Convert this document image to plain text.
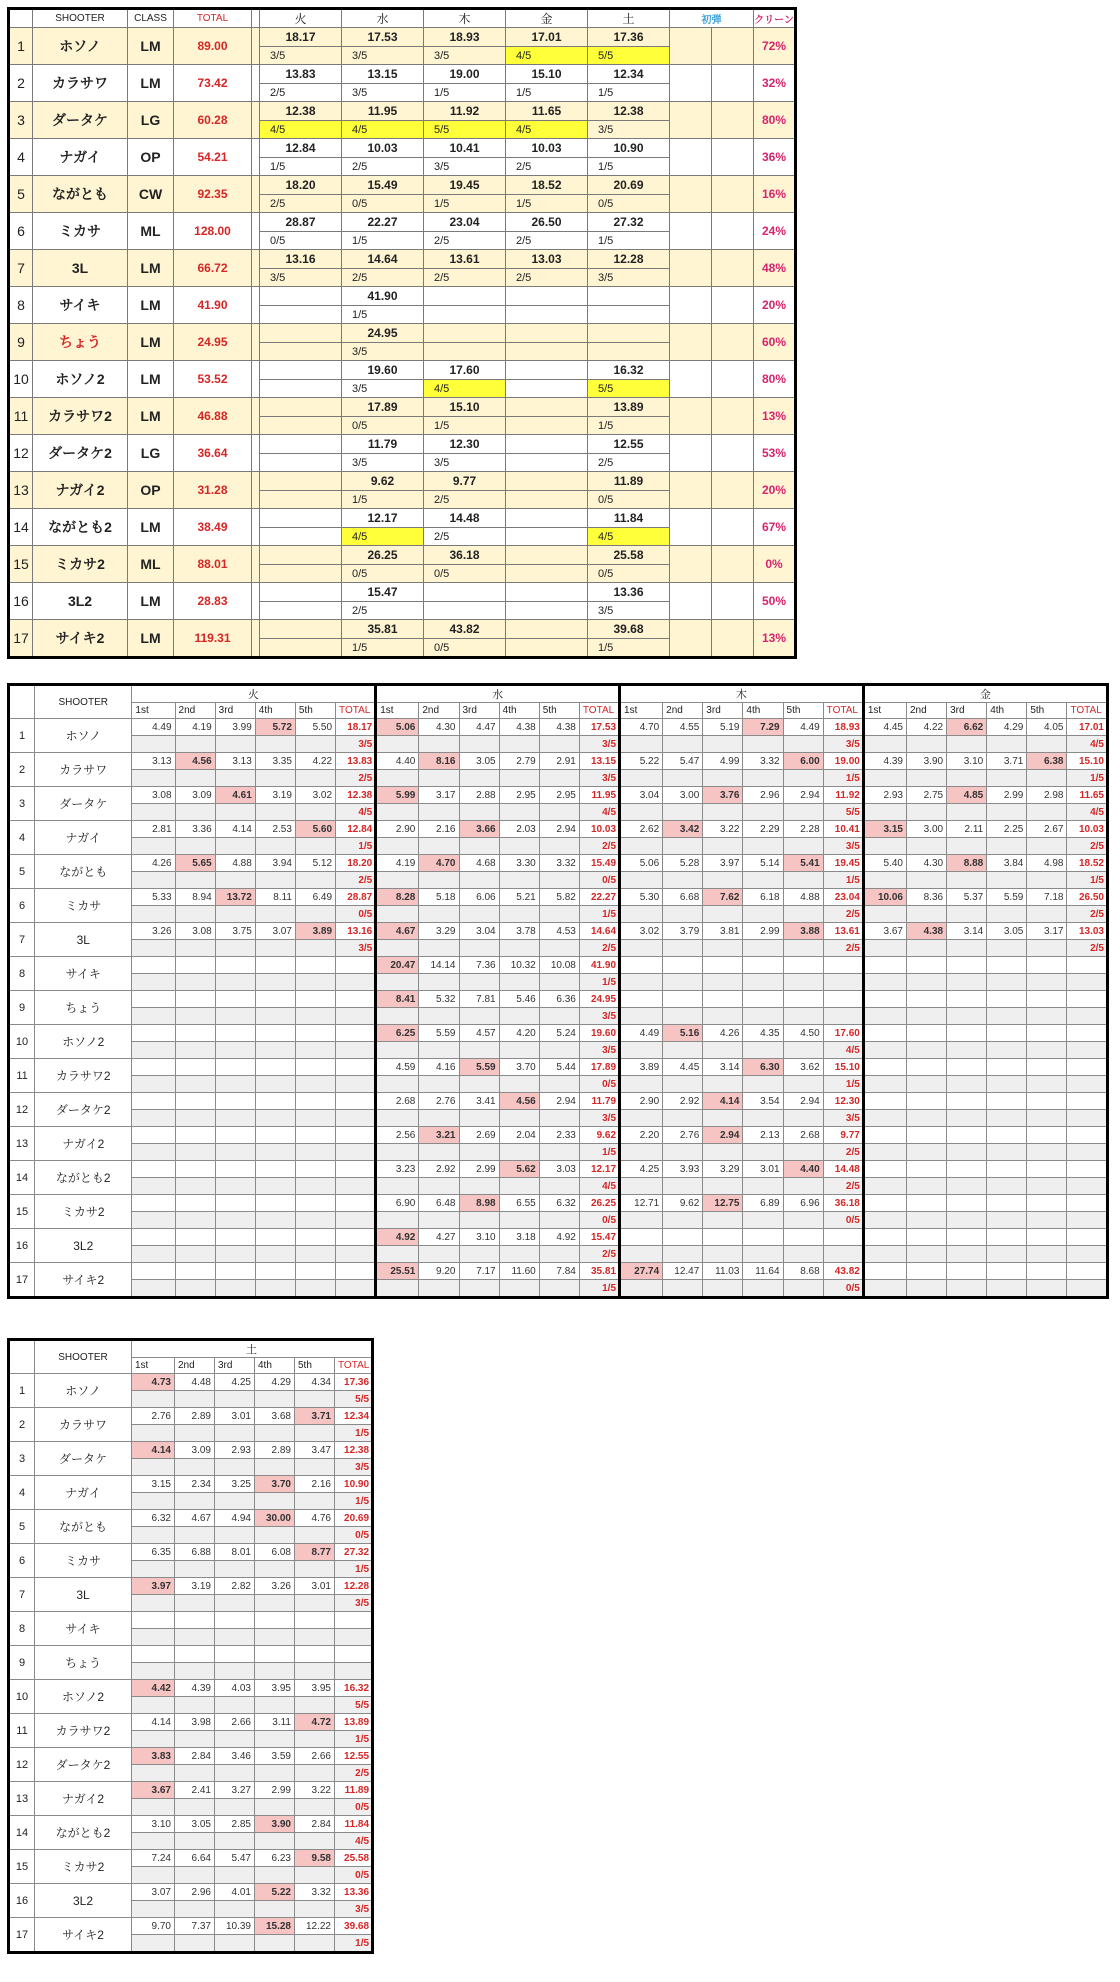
	SHOOTER	CLASS	TOTAL		火	水	木	金	土	初弾		クリーン
1	ホソノ	LM	89.00		18.17	17.53	18.93	17.01	17.36			72%
					3/5	3/5	3/5	4/5	5/5			
2	カラサワ	LM	73.42		13.83	13.15	19.00	15.10	12.34			32%
					2/5	3/5	1/5	1/5	1/5			
3	ダータケ	LG	60.28		12.38	11.95	11.92	11.65	12.38			80%
					4/5	4/5	5/5	4/5	3/5			
4	ナガイ	OP	54.21		12.84	10.03	10.41	10.03	10.90			36%
					1/5	2/5	3/5	2/5	1/5			
5	ながとも	CW	92.35		18.20	15.49	19.45	18.52	20.69			16%
					2/5	0/5	1/5	1/5	0/5			
6	ミカサ	ML	128.00		28.87	22.27	23.04	26.50	27.32			24%
					0/5	1/5	2/5	2/5	1/5			
7	3L	LM	66.72		13.16	14.64	13.61	13.03	12.28			48%
					3/5	2/5	2/5	2/5	3/5			
8	サイキ	LM	41.90			41.90						20%
						1/5						
9	ちょう	LM	24.95			24.95						60%
						3/5						
10	ホソノ2	LM	53.52			19.60	17.60		16.32			80%
						3/5	4/5		5/5			
11	カラサワ2	LM	46.88			17.89	15.10		13.89			13%
						0/5	1/5		1/5			
12	ダータケ2	LG	36.64			11.79	12.30		12.55			53%
						3/5	3/5		2/5			
13	ナガイ2	OP	31.28			9.62	9.77		11.89			20%
						1/5	2/5		0/5			
14	ながとも2	LM	38.49			12.17	14.48		11.84			67%
						4/5	2/5		4/5			
15	ミカサ2	ML	88.01			26.25	36.18		25.58			0%
						0/5	0/5		0/5			
16	3L2	LM	28.83			15.47			13.36			50%
						2/5			3/5			
17	サイキ2	LM	119.31			35.81	43.82		39.68			13%
						1/5	0/5		1/5			
	SHOOTER	火						水						木						金					
		1st	2nd	3rd	4th	5th	TOTAL	1st	2nd	3rd	4th	5th	TOTAL	1st	2nd	3rd	4th	5th	TOTAL	1st	2nd	3rd	4th	5th	TOTAL
1	ホソノ	4.49	4.19	3.99	5.72	5.50	18.17	5.06	4.30	4.47	4.38	4.38	17.53	4.70	4.55	5.19	7.29	4.49	18.93	4.45	4.22	6.62	4.29	4.05	17.01
							3/5						3/5						3/5						4/5
2	カラサワ	3.13	4.56	3.13	3.35	4.22	13.83	4.40	8.16	3.05	2.79	2.91	13.15	5.22	5.47	4.99	3.32	6.00	19.00	4.39	3.90	3.10	3.71	6.38	15.10
							2/5						3/5						1/5						1/5
3	ダータケ	3.08	3.09	4.61	3.19	3.02	12.38	5.99	3.17	2.88	2.95	2.95	11.95	3.04	3.00	3.76	2.96	2.94	11.92	2.93	2.75	4.85	2.99	2.98	11.65
							4/5						4/5						5/5						4/5
4	ナガイ	2.81	3.36	4.14	2.53	5.60	12.84	2.90	2.16	3.66	2.03	2.94	10.03	2.62	3.42	3.22	2.29	2.28	10.41	3.15	3.00	2.11	2.25	2.67	10.03
							1/5						2/5						3/5						2/5
5	ながとも	4.26	5.65	4.88	3.94	5.12	18.20	4.19	4.70	4.68	3.30	3.32	15.49	5.06	5.28	3.97	5.14	5.41	19.45	5.40	4.30	8.88	3.84	4.98	18.52
							2/5						0/5						1/5						1/5
6	ミカサ	5.33	8.94	13.72	8.11	6.49	28.87	8.28	5.18	6.06	5.21	5.82	22.27	5.30	6.68	7.62	6.18	4.88	23.04	10.06	8.36	5.37	5.59	7.18	26.50
							0/5						1/5						2/5						2/5
7	3L	3.26	3.08	3.75	3.07	3.89	13.16	4.67	3.29	3.04	3.78	4.53	14.64	3.02	3.79	3.81	2.99	3.88	13.61	3.67	4.38	3.14	3.05	3.17	13.03
							3/5						2/5						2/5						2/5
8	サイキ							20.47	14.14	7.36	10.32	10.08	41.90												
													1/5												
9	ちょう							8.41	5.32	7.81	5.46	6.36	24.95												
													3/5												
10	ホソノ2							6.25	5.59	4.57	4.20	5.24	19.60	4.49	5.16	4.26	4.35	4.50	17.60						
													3/5						4/5						
11	カラサワ2							4.59	4.16	5.59	3.70	5.44	17.89	3.89	4.45	3.14	6.30	3.62	15.10						
													0/5						1/5						
12	ダータケ2							2.68	2.76	3.41	4.56	2.94	11.79	2.90	2.92	4.14	3.54	2.94	12.30						
													3/5						3/5						
13	ナガイ2							2.56	3.21	2.69	2.04	2.33	9.62	2.20	2.76	2.94	2.13	2.68	9.77						
													1/5						2/5						
14	ながとも2							3.23	2.92	2.99	5.62	3.03	12.17	4.25	3.93	3.29	3.01	4.40	14.48						
													4/5						2/5						
15	ミカサ2							6.90	6.48	8.98	6.55	6.32	26.25	12.71	9.62	12.75	6.89	6.96	36.18						
													0/5						0/5						
16	3L2							4.92	4.27	3.10	3.18	4.92	15.47												
													2/5												
17	サイキ2							25.51	9.20	7.17	11.60	7.84	35.81	27.74	12.47	11.03	11.64	8.68	43.82						
													1/5						0/5						
	SHOOTER	土					
		1st	2nd	3rd	4th	5th	TOTAL
1	ホソノ	4.73	4.48	4.25	4.29	4.34	17.36
							5/5
2	カラサワ	2.76	2.89	3.01	3.68	3.71	12.34
							1/5
3	ダータケ	4.14	3.09	2.93	2.89	3.47	12.38
							3/5
4	ナガイ	3.15	2.34	3.25	3.70	2.16	10.90
							1/5
5	ながとも	6.32	4.67	4.94	30.00	4.76	20.69
							0/5
6	ミカサ	6.35	6.88	8.01	6.08	8.77	27.32
							1/5
7	3L	3.97	3.19	2.82	3.26	3.01	12.28
							3/5
8	サイキ						

9	ちょう						

10	ホソノ2	4.42	4.39	4.03	3.95	3.95	16.32
							5/5
11	カラサワ2	4.14	3.98	2.66	3.11	4.72	13.89
							1/5
12	ダータケ2	3.83	2.84	3.46	3.59	2.66	12.55
							2/5
13	ナガイ2	3.67	2.41	3.27	2.99	3.22	11.89
							0/5
14	ながとも2	3.10	3.05	2.85	3.90	2.84	11.84
							4/5
15	ミカサ2	7.24	6.64	5.47	6.23	9.58	25.58
							0/5
16	3L2	3.07	2.96	4.01	5.22	3.32	13.36
							3/5
17	サイキ2	9.70	7.37	10.39	15.28	12.22	39.68
							1/5
